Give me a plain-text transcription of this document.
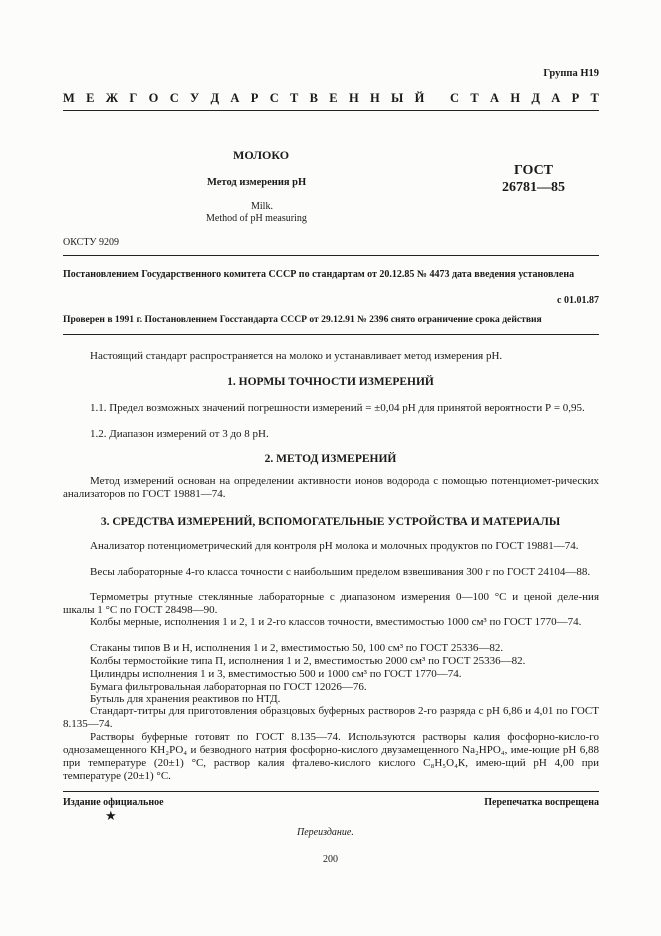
Группа Н19
М Е Ж Г О С У Д А Р С Т В Е Н Н Ы Й
С Т А Н Д А Р Т
МОЛОКО
Метод измерения рН
ГОСТ
26781—85
Milk.
Method of pH measuring
ОКСТУ 9209
Постановлением Государственного комитета СССР по стандартам от 20.12.85 № 4473 дата введения установлена
с 01.01.87
Проверен в 1991 г. Постановлением Госстандарта СССР от 29.12.91 № 2396 снято ограничение срока действия
Настоящий стандарт распространяется на молоко и устанавливает метод измерения рН.
1. НОРМЫ ТОЧНОСТИ ИЗМЕРЕНИЙ
1.1. Предел возможных значений погрешности измерений = ±0,04 рН для принятой вероятности Р = 0,95.
1.2. Диапазон измерений от 3 до 8 рН.
2. МЕТОД ИЗМЕРЕНИЙ
Метод измерений основан на определении активности ионов водорода с помощью потенциомет-рических анализаторов по ГОСТ 19881—74.
3. СРЕДСТВА ИЗМЕРЕНИЙ, ВСПОМОГАТЕЛЬНЫЕ УСТРОЙСТВА И МАТЕРИАЛЫ
Анализатор потенциометрический для контроля рН молока и молочных продуктов по ГОСТ 19881—74.
Весы лабораторные 4-го класса точности с наибольшим пределом взвешивания 300 г по ГОСТ 24104—88.
Термометры ртутные стеклянные лабораторные с диапазоном измерения 0—100 °С и ценой деле-ния шкалы 1 °С по ГОСТ 28498—90.
Колбы мерные, исполнения 1 и 2, 1 и 2-го классов точности, вместимостью 1000 см³ по ГОСТ 1770—74.
Стаканы типов В и Н, исполнения 1 и 2, вместимостью 50, 100 см³ по ГОСТ 25336—82.
Колбы термостойкие типа П, исполнения 1 и 2, вместимостью 2000 см³ по ГОСТ 25336—82.
Цилиндры исполнения 1 и 3, вместимостью 500 и 1000 см³ по ГОСТ 1770—74.
Бумага фильтровальная лабораторная по ГОСТ 12026—76.
Бутыль для хранения реактивов по НТД.
Стандарт-титры для приготовления образцовых буферных растворов 2-го разряда с рН 6,86 и 4,01 по ГОСТ 8.135—74.
Растворы буферные готовят по ГОСТ 8.135—74. Используются растворы калия фосфорно-кисло-го однозамещенного КН₂РО₄ и безводного натрия фосфорно-кислого двузамещенного Na₂HPO₄, име-ющие рН 6,88 при температуре (20±1) °С, раствор калия фталево-кислого кислого С₈Н₅О₄К, имею-щий рН 4,00 при температуре (20±1) °С.
Издание официальное
★
Перепечатка воспрещена
Переиздание.
200
